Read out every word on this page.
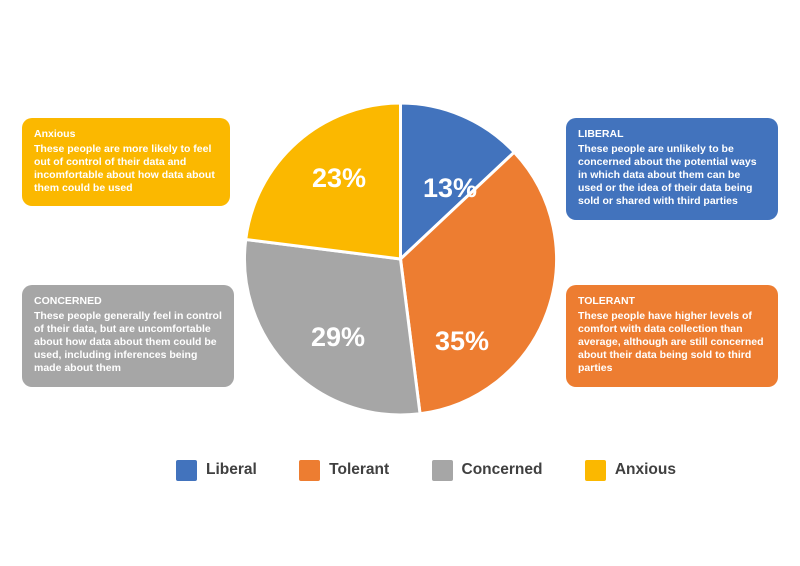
Anxious
These people are more likely to feel out of control of their data and incomfortable about how data about them could be used
LIBERAL
These people are unlikely to be concerned about the potential ways in which data about them can be used or the idea of their data being sold or shared with third parties
CONCERNED
These people generally feel in control of their data, but are uncomfortable about how data about them could be used, including inferences being made about them
TOLERANT
These people have higher levels of comfort with data collection than average, although are still concerned about their data being sold to third parties
13%
35%
29%
23%
Liberal	Tolerant	Concerned	Anxious
